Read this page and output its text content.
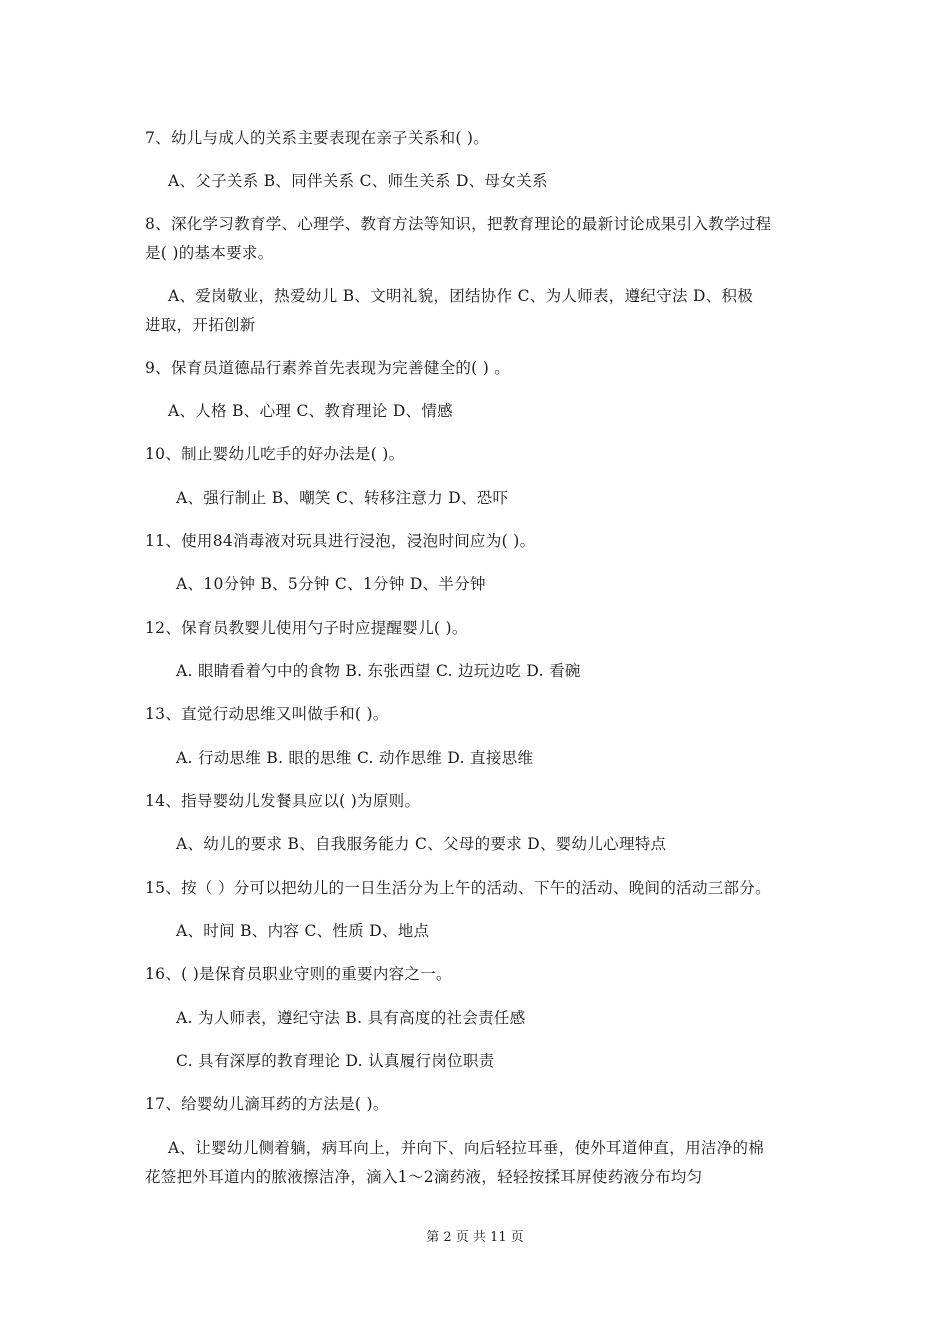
7、幼儿与成人的关系主要表现在亲子关系和( )。
A、父子关系 B、同伴关系 C、师生关系 D、母女关系
8、深化学习教育学、心理学、教育方法等知识，把教育理论的最新讨论成果引入教学过程
是( )的基本要求。
A、爱岗敬业，热爱幼儿 B、文明礼貌，团结协作 C、为人师表，遵纪守法 D、积极
进取，开拓创新
9、保育员道德品行素养首先表现为完善健全的( ) 。
A、人格 B、心理 C、教育理论 D、情感
10、制止婴幼儿吃手的好办法是( )。
A、强行制止 B、嘲笑 C、转移注意力 D、恐吓
11、使用84消毒液对玩具进行浸泡，浸泡时间应为( )。
A、10分钟 B、5分钟 C、1分钟 D、半分钟
12、保育员教婴儿使用勺子时应提醒婴儿( )。
A. 眼睛看着勺中的食物 B. 东张西望 C. 边玩边吃 D. 看碗
13、直觉行动思维又叫做手和( )。
A. 行动思维 B. 眼的思维 C. 动作思维 D. 直接思维
14、指导婴幼儿发餐具应以( )为原则。
A、幼儿的要求 B、自我服务能力 C、父母的要求 D、婴幼儿心理特点
15、按（ ）分可以把幼儿的一日生活分为上午的活动、下午的活动、晚间的活动三部分。
A、时间 B、内容 C、性质 D、地点
16、( )是保育员职业守则的重要内容之一。
A. 为人师表，遵纪守法 B. 具有高度的社会责任感
C. 具有深厚的教育理论 D. 认真履行岗位职责
17、给婴幼儿滴耳药的方法是( )。
A、让婴幼儿侧着躺，病耳向上，并向下、向后轻拉耳垂，使外耳道伸直，用洁净的棉
花签把外耳道内的脓液擦洁净，滴入1～2滴药液，轻轻按揉耳屏使药液分布均匀
第 2 页 共 11 页
